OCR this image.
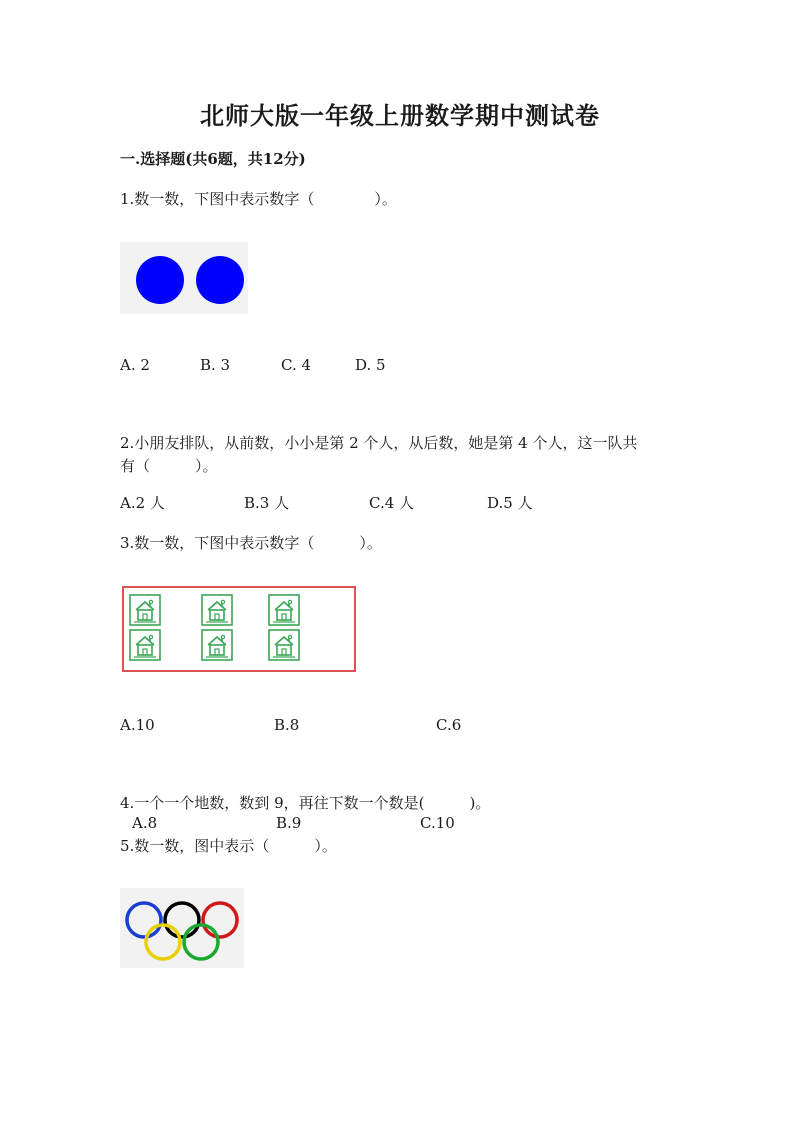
北师大版一年级上册数学期中测试卷
一.选择题(共6题，共12分)
1.数一数，下图中表示数字（　　　　）。
A. 2	B. 3	C. 4	D. 5
2.小朋友排队，从前数，小小是第 2 个人，从后数，她是第 4 个人，这一队共
有（　　　）。
A.2 人	B.3 人	C.4 人	D.5 人
3.数一数，下图中表示数字（　　　）。
A.10	B.8	C.6
4.一个一个地数，数到 9，再往下数一个数是(　　　)。
A.8	B.9	C.10
5.数一数，图中表示（　　　）。
